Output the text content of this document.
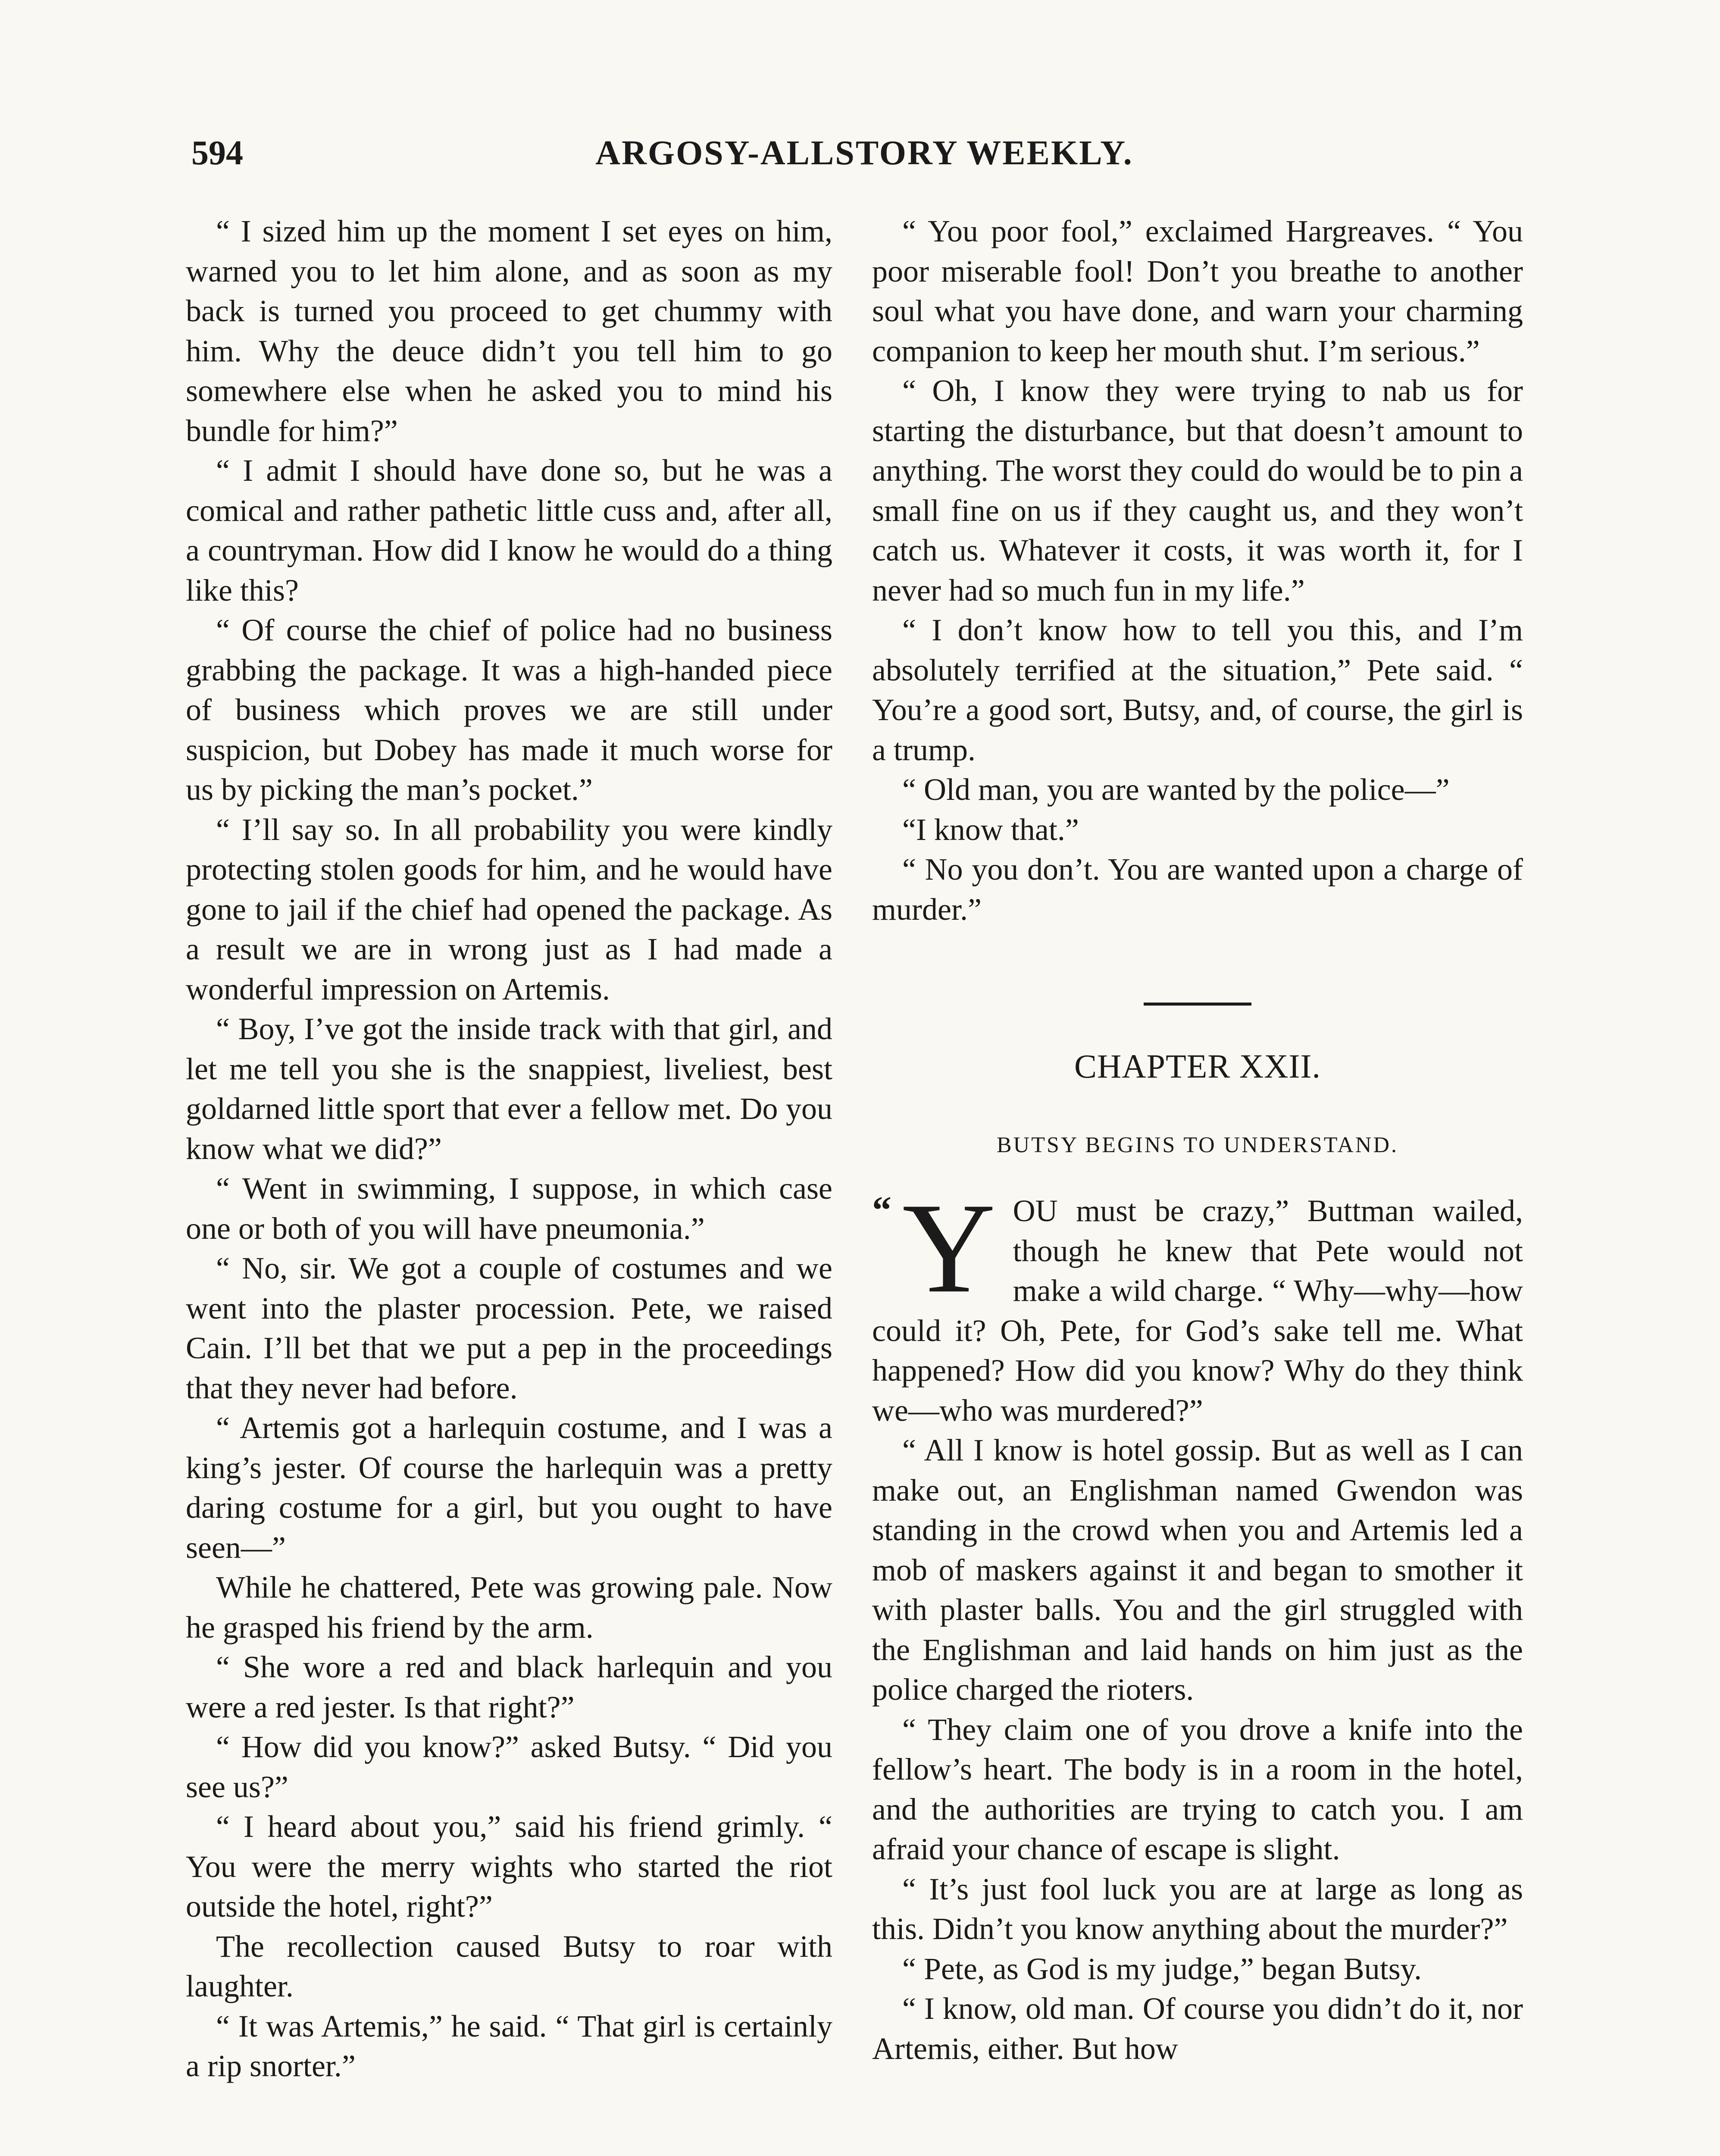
594	ARGOSY-ALLSTORY WEEKLY.

“ I sized him up the moment I set eyes on him, warned you to let him alone, and as soon as my back is turned you proceed to get chummy with him. Why the deuce didn’t you tell him to go somewhere else when he asked you to mind his bundle for him?”

“ I admit I should have done so, but he was a comical and rather pathetic little cuss and, after all, a countryman. How did I know he would do a thing like this?

“ Of course the chief of police had no business grabbing the package. It was a high-handed piece of business which proves we are still under suspicion, but Dobey has made it much worse for us by picking the man’s pocket.”

“ I’ll say so. In all probability you were kindly protecting stolen goods for him, and he would have gone to jail if the chief had opened the package. As a result we are in wrong just as I had made a wonderful impression on Artemis.

“ Boy, I’ve got the inside track with that girl, and let me tell you she is the snappiest, liveliest, best goldarned little sport that ever a fellow met. Do you know what we did?”

“ Went in swimming, I suppose, in which case one or both of you will have pneumonia.”

“ No, sir. We got a couple of costumes and we went into the plaster procession. Pete, we raised Cain. I’ll bet that we put a pep in the proceedings that they never had before.

“ Artemis got a harlequin costume, and I was a king’s jester. Of course the harlequin was a pretty daring costume for a girl, but you ought to have seen—”

While he chattered, Pete was growing pale. Now he grasped his friend by the arm.

“ She wore a red and black harlequin and you were a red jester. Is that right?”

“ How did you know?” asked Butsy. “ Did you see us?”

“ I heard about you,” said his friend grimly. “ You were the merry wights who started the riot outside the hotel, right?”

The recollection caused Butsy to roar with laughter.

“ It was Artemis,” he said. “ That girl is certainly a rip snorter.”

“ You poor fool,” exclaimed Hargreaves. “ You poor miserable fool! Don’t you breathe to another soul what you have done, and warn your charming companion to keep her mouth shut. I’m serious.”

“ Oh, I know they were trying to nab us for starting the disturbance, but that doesn’t amount to anything. The worst they could do would be to pin a small fine on us if they caught us, and they won’t catch us. Whatever it costs, it was worth it, for I never had so much fun in my life.”

“ I don’t know how to tell you this, and I’m absolutely terrified at the situation,” Pete said. “ You’re a good sort, Butsy, and, of course, the girl is a trump.

“ Old man, you are wanted by the police—”

“I know that.”

“ No you don’t. You are wanted upon a charge of murder.”

CHAPTER XXII.
BUTSY BEGINS TO UNDERSTAND.

“ Y OU must be crazy,” Buttman wailed, though he knew that Pete would not make a wild charge. “ Why—why—how could it? Oh, Pete, for God’s sake tell me. What happened? How did you know? Why do they think we—who was murdered?”

“ All I know is hotel gossip. But as well as I can make out, an Englishman named Gwendon was standing in the crowd when you and Artemis led a mob of maskers against it and began to smother it with plaster balls. You and the girl struggled with the Englishman and laid hands on him just as the police charged the rioters.

“ They claim one of you drove a knife into the fellow’s heart. The body is in a room in the hotel, and the authorities are trying to catch you. I am afraid your chance of escape is slight.

“ It’s just fool luck you are at large as long as this. Didn’t you know anything about the murder?”

“ Pete, as God is my judge,” began Butsy.

“ I know, old man. Of course you didn’t do it, nor Artemis, either. But how
